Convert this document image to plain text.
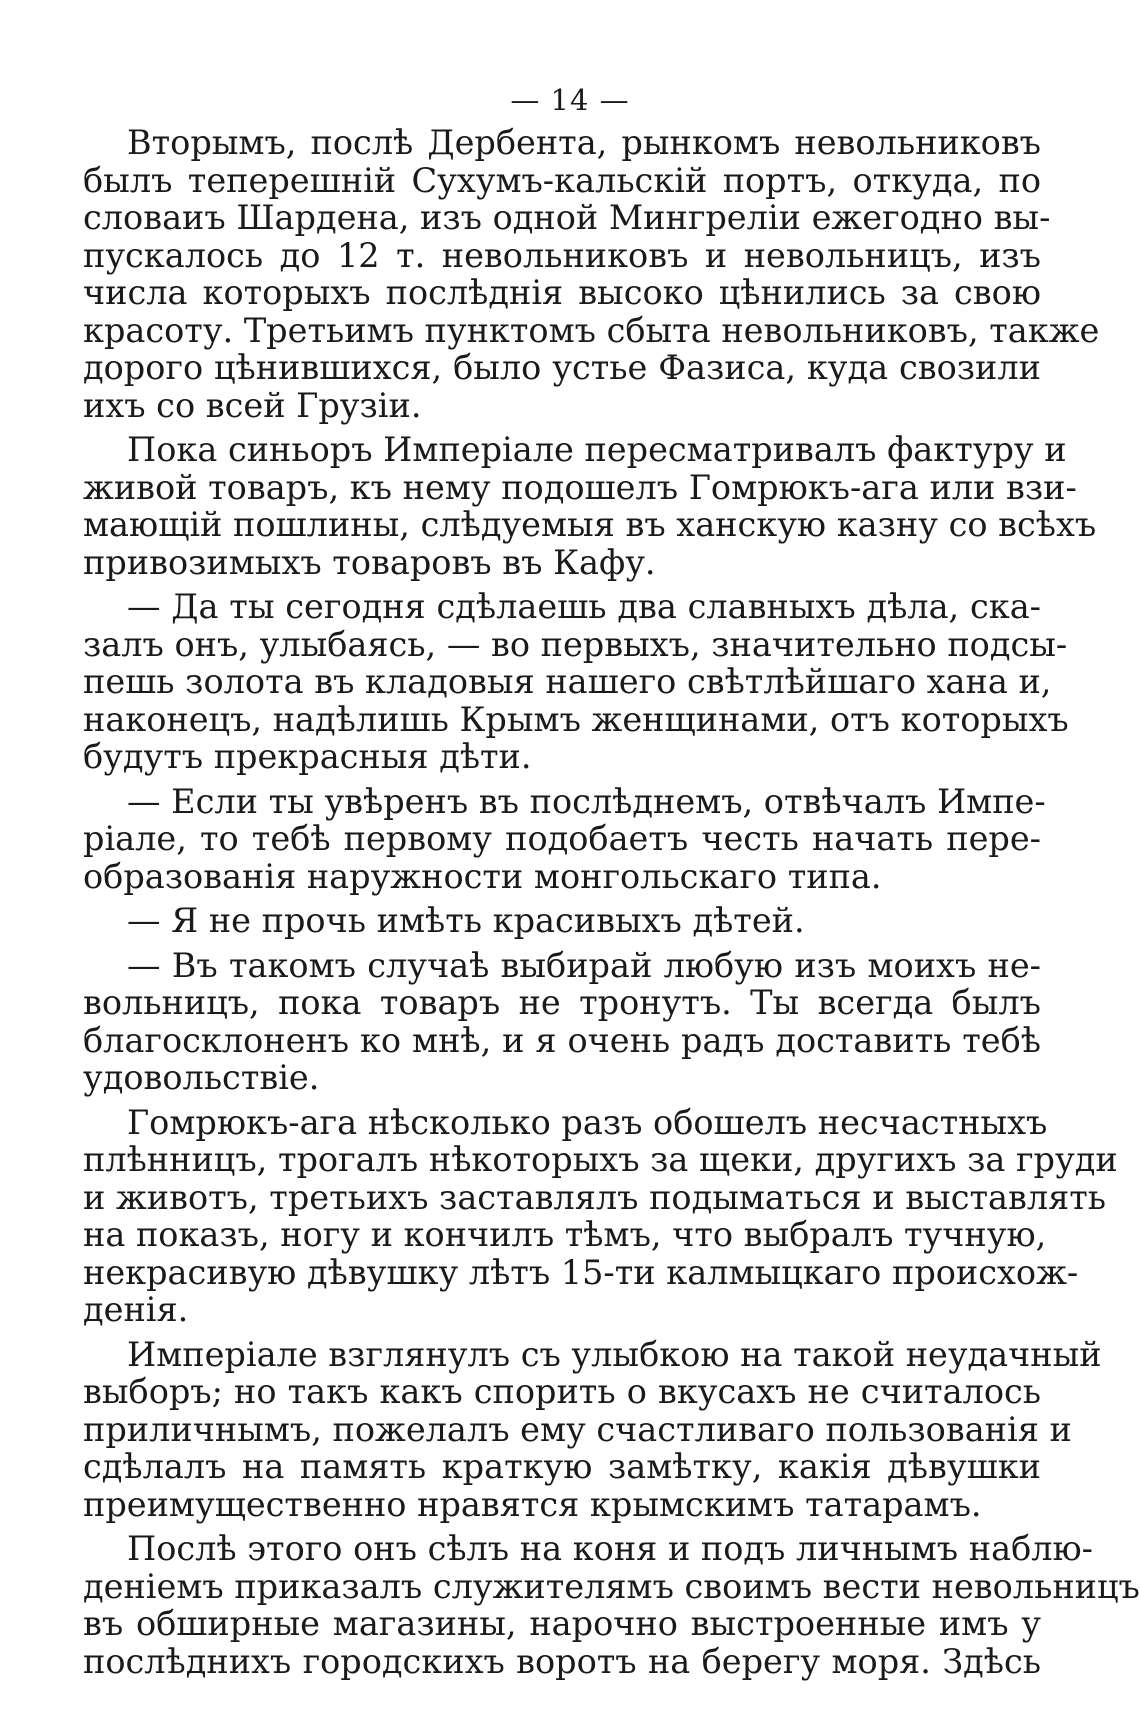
— 14 —
Вторымъ, послѣ Дербента, рынкомъ невольниковъ
былъ теперешній Сухумъ-кальскій портъ, откуда, по
словаиъ Шардена, изъ одной Мингреліи ежегодно вы-
пускалось до 12 т. невольниковъ и невольницъ, изъ
числа которыхъ послѣднія высоко цѣнились за свою
красоту. Третьимъ пунктомъ сбыта невольниковъ, также
дорого цѣнившихся, было устье Фазиса, куда свозили
ихъ со всей Грузіи.
Пока синьоръ Имперіале пересматривалъ фактуру и
живой товаръ, къ нему подошелъ Гомрюкъ-ага или взи-
мающій пошлины, слѣдуемыя въ ханскую казну со всѣхъ
привозимыхъ товаровъ въ Кафу.
— Да ты сегодня сдѣлаешь два славныхъ дѣла, ска-
залъ онъ, улыбаясь, — во первыхъ, значительно подсы-
пешь золота въ кладовыя нашего свѣтлѣйшаго хана и,
наконецъ, надѣлишь Крымъ женщинами, отъ которыхъ
будутъ прекрасныя дѣти.
— Если ты увѣренъ въ послѣднемъ, отвѣчалъ Импе-
ріале, то тебѣ первому подобаетъ честь начать пере-
образованія наружности монгольскаго типа.
— Я не прочь имѣть красивыхъ дѣтей.
— Въ такомъ случаѣ выбирай любую изъ моихъ не-
вольницъ, пока товаръ не тронутъ. Ты всегда былъ
благосклоненъ ко мнѣ, и я очень радъ доставить тебѣ
удовольствіе.
Гомрюкъ-ага нѣсколько разъ обошелъ несчастныхъ
плѣнницъ, трогалъ нѣкоторыхъ за щеки, другихъ за груди
и животъ, третьихъ заставлялъ подыматься и выставлять
на показъ, ногу и кончилъ тѣмъ, что выбралъ тучную,
некрасивую дѣвушку лѣтъ 15-ти калмыцкаго происхож-
денія.
Имперіале взглянулъ съ улыбкою на такой неудачный
выборъ; но такъ какъ спорить о вкусахъ не считалось
приличнымъ, пожелалъ ему счастливаго пользованія и
сдѣлалъ на память краткую замѣтку, какія дѣвушки
преимущественно нравятся крымскимъ татарамъ.
Послѣ этого онъ сѣлъ на коня и подъ личнымъ наблю-
деніемъ приказалъ служителямъ своимъ вести невольницъ
въ обширные магазины, нарочно выстроенные имъ у
послѣднихъ городскихъ воротъ на берегу моря. Здѣсь
